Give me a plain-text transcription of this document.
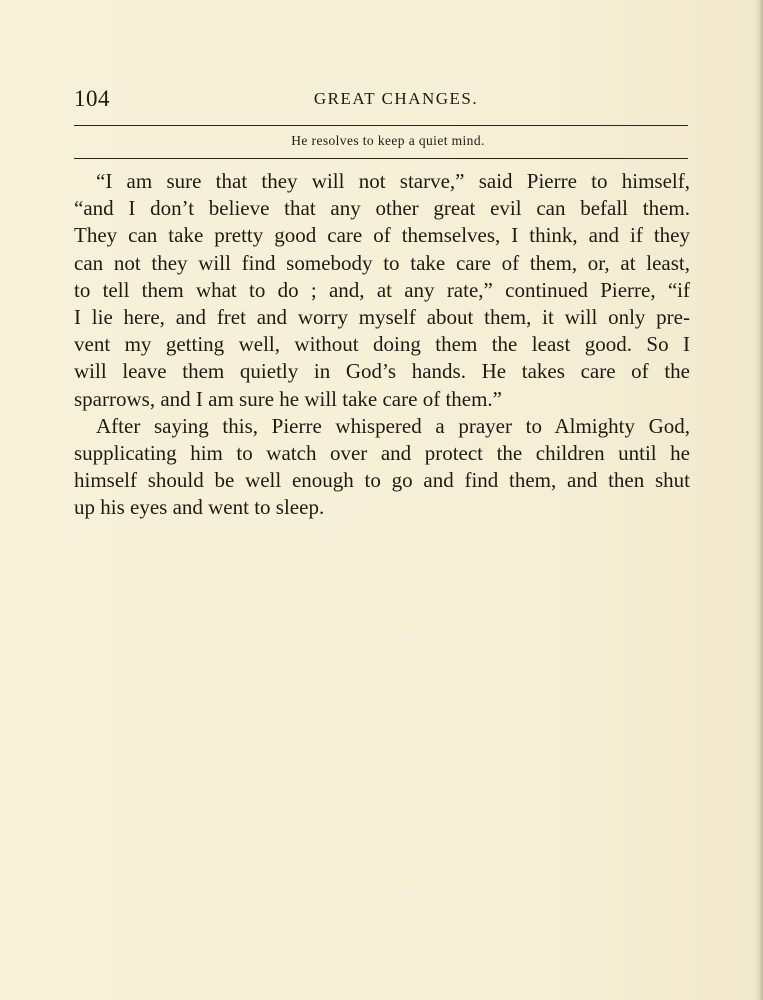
104	GREAT CHANGES.
He resolves to keep a quiet mind.
“I am sure that they will not starve,” said Pierre to himself,
“and I don’t believe that any other great evil can befall them.
They can take pretty good care of themselves, I think, and if they
can not they will find somebody to take care of them, or, at least,
to tell them what to do ; and, at any rate,” continued Pierre, “if
I lie here, and fret and worry myself about them, it will only pre-
vent my getting well, without doing them the least good. So I
will leave them quietly in God’s hands. He takes care of the
sparrows, and I am sure he will take care of them.”
After saying this, Pierre whispered a prayer to Almighty God,
supplicating him to watch over and protect the children until he
himself should be well enough to go and find them, and then shut
up his eyes and went to sleep.
